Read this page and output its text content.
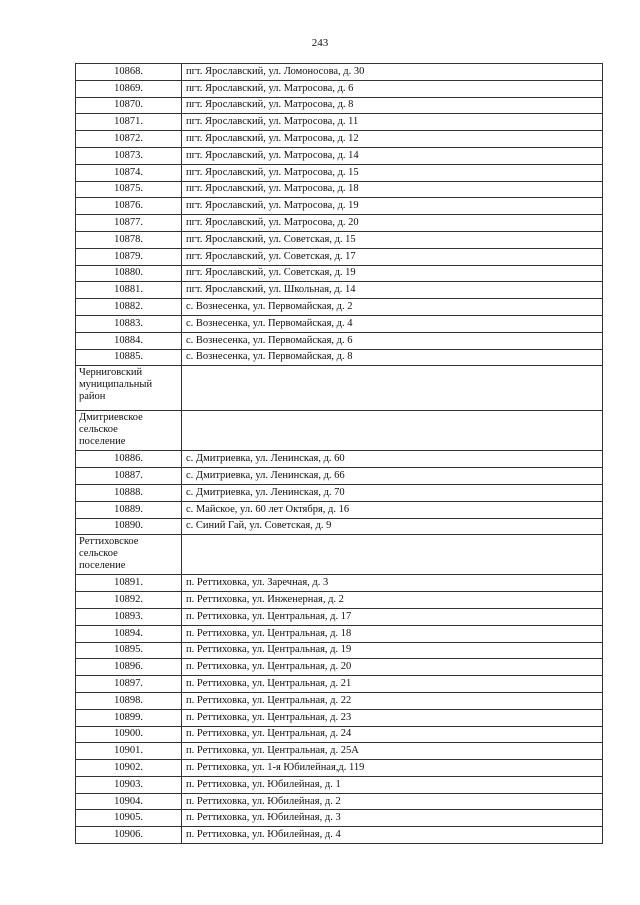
243
10868.	пгт. Ярославский, ул. Ломоносова, д. 30
10869.	пгт. Ярославский, ул. Матросова, д. 6
10870.	пгт. Ярославский, ул. Матросова, д. 8
10871.	пгт. Ярославский, ул. Матросова, д. 11
10872.	пгт. Ярославский, ул. Матросова, д. 12
10873.	пгт. Ярославский, ул. Матросова, д. 14
10874.	пгт. Ярославский, ул. Матросова, д. 15
10875.	пгт. Ярославский, ул. Матросова, д. 18
10876.	пгт. Ярославский, ул. Матросова, д. 19
10877.	пгт. Ярославский, ул. Матросова, д. 20
10878.	пгт. Ярославский, ул. Советская, д. 15
10879.	пгт. Ярославский, ул. Советская, д. 17
10880.	пгт. Ярославский, ул. Советская, д. 19
10881.	пгт. Ярославский, ул. Школьная, д. 14
10882.	с. Вознесенка, ул. Первомайская, д. 2
10883.	с. Вознесенка, ул. Первомайская, д. 4
10884.	с. Вознесенка, ул. Первомайская, д. 6
10885.	с. Вознесенка, ул. Первомайская, д. 8

Черниговский
муниципальный
район	

Дмитриевское
сельское
поселение	

10886.	с. Дмитриевка, ул. Ленинская, д. 60
10887.	с. Дмитриевка, ул. Ленинская, д. 66
10888.	с. Дмитриевка, ул. Ленинская, д. 70
10889.	с. Майское, ул. 60 лет Октября, д. 16
10890.	с. Синий Гай, ул. Советская, д. 9

Реттиховское
сельское
поселение	

10891.	п. Реттиховка, ул. Заречная, д. 3
10892.	п. Реттиховка, ул. Инженерная, д. 2
10893.	п. Реттиховка, ул. Центральная, д. 17
10894.	п. Реттиховка, ул. Центральная, д. 18
10895.	п. Реттиховка, ул. Центральная, д. 19
10896.	п. Реттиховка, ул. Центральная, д. 20
10897.	п. Реттиховка, ул. Центральная, д. 21
10898.	п. Реттиховка, ул. Центральная, д. 22
10899.	п. Реттиховка, ул. Центральная, д. 23
10900.	п. Реттиховка, ул. Центральная, д. 24
10901.	п. Реттиховка, ул. Центральная, д. 25А
10902.	п. Реттиховка, ул. 1-я Юбилейная,д. 119
10903.	п. Реттиховка, ул. Юбилейная, д. 1
10904.	п. Реттиховка, ул. Юбилейная, д. 2
10905.	п. Реттиховка, ул. Юбилейная, д. 3
10906.	п. Реттиховка, ул. Юбилейная, д. 4
